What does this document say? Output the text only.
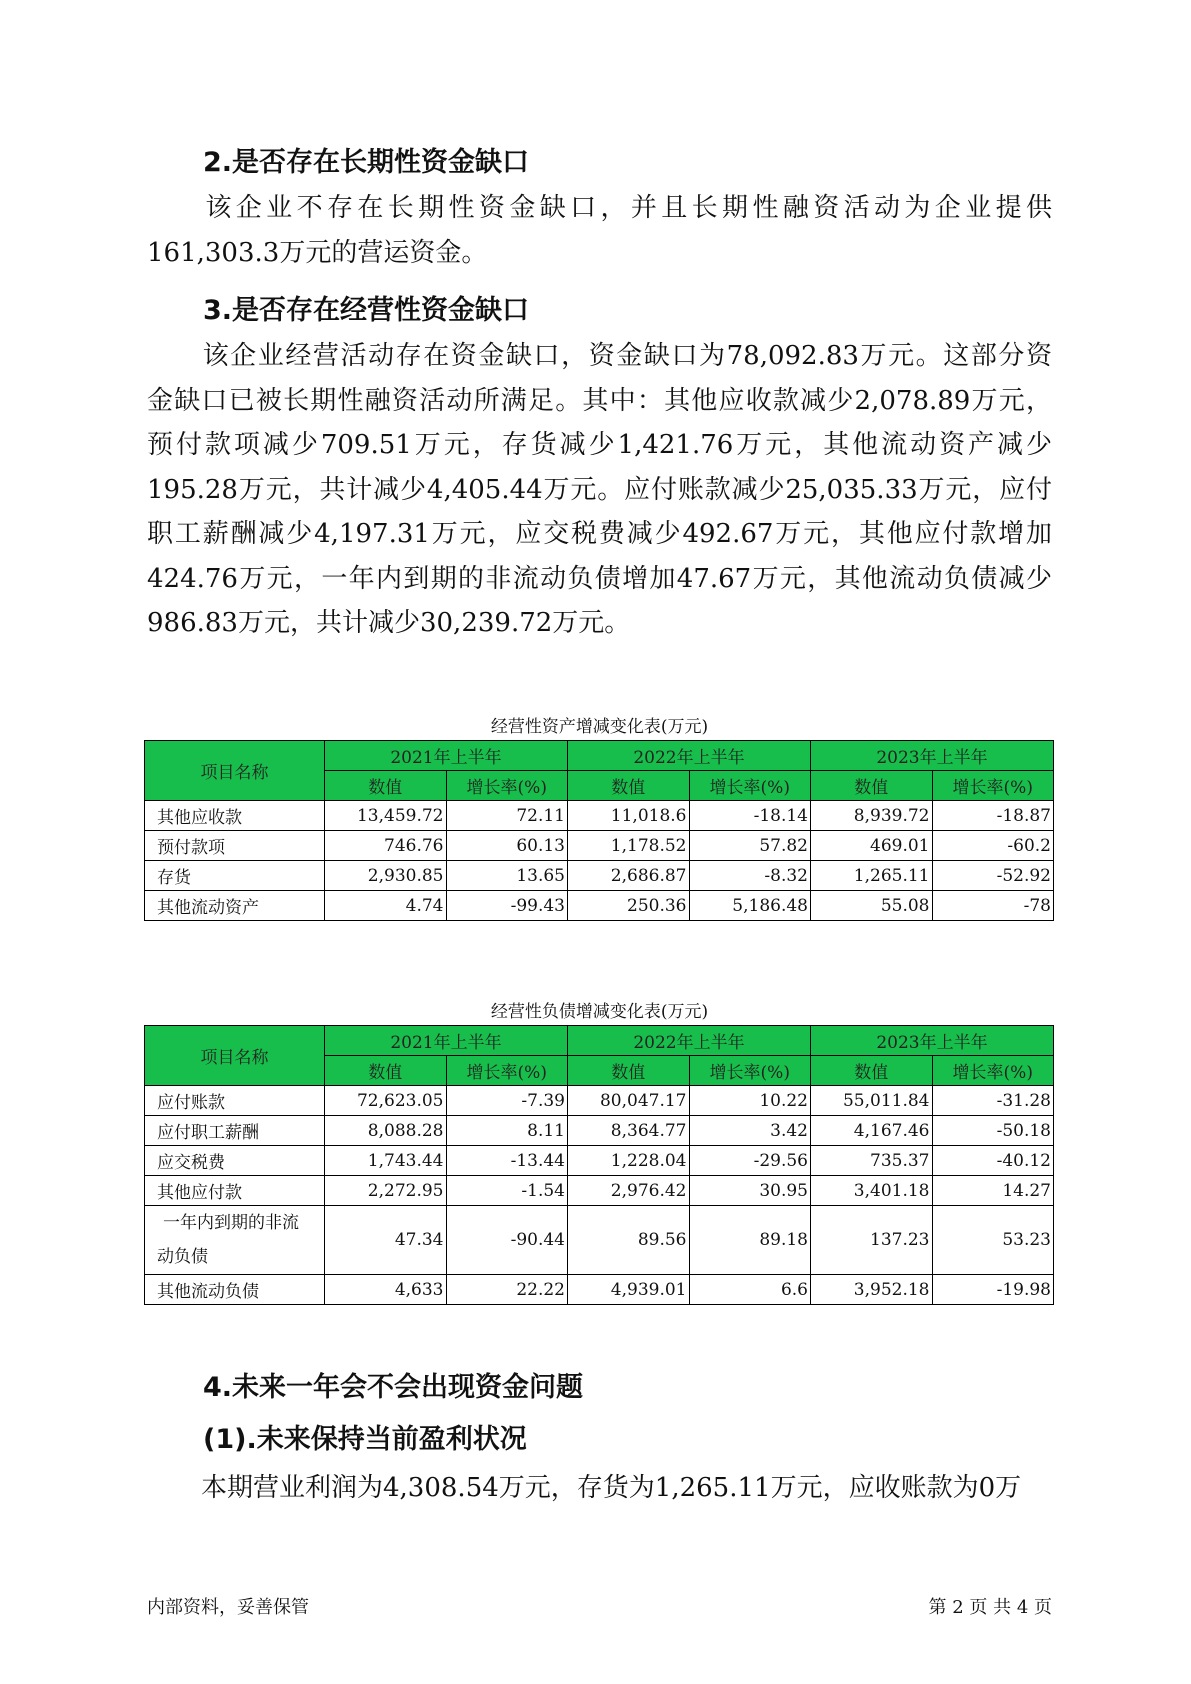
2.是否存在长期性资金缺口

该企业不存在长期性资金缺口，并且长期性融资活动为企业提供
161,303.3万元的营运资金。

3.是否存在经营性资金缺口

该企业经营活动存在资金缺口，资金缺口为78,092.83万元。这部分资
金缺口已被长期性融资活动所满足。其中：其他应收款减少2,078.89万元，
预付款项减少709.51万元，存货减少1,421.76万元，其他流动资产减少
195.28万元，共计减少4,405.44万元。应付账款减少25,035.33万元，应付
职工薪酬减少4,197.31万元，应交税费减少492.67万元，其他应付款增加
424.76万元，一年内到期的非流动负债增加47.67万元，其他流动负债减少
986.83万元，共计减少30,239.72万元。

经营性资产增减变化表(万元)

项目名称	2021年上半年		2022年上半年		2023年上半年	
	数值	增长率(%)	数值	增长率(%)	数值	增长率(%)
其他应收款	13,459.72	72.11	11,018.6	-18.14	8,939.72	-18.87
预付款项	746.76	60.13	1,178.52	57.82	469.01	-60.2
存货	2,930.85	13.65	2,686.87	-8.32	1,265.11	-52.92
其他流动资产	4.74	-99.43	250.36	5,186.48	55.08	-78

经营性负债增减变化表(万元)

项目名称	2021年上半年		2022年上半年		2023年上半年	
	数值	增长率(%)	数值	增长率(%)	数值	增长率(%)
应付账款	72,623.05	-7.39	80,047.17	10.22	55,011.84	-31.28
应付职工薪酬	8,088.28	8.11	8,364.77	3.42	4,167.46	-50.18
应交税费	1,743.44	-13.44	1,228.04	-29.56	735.37	-40.12
其他应付款	2,272.95	-1.54	2,976.42	30.95	3,401.18	14.27

一年内到期的非流
动负债	47.34	-90.44	89.56	89.18	137.23	53.23
其他流动负债	4,633	22.22	4,939.01	6.6	3,952.18	-19.98
4.未来一年会不会出现资金问题
(1).未来保持当前盈利状况

本期营业利润为4,308.54万元，存货为1,265.11万元，应收账款为0万

内部资料，妥善保管	第 2 页 共 4 页
